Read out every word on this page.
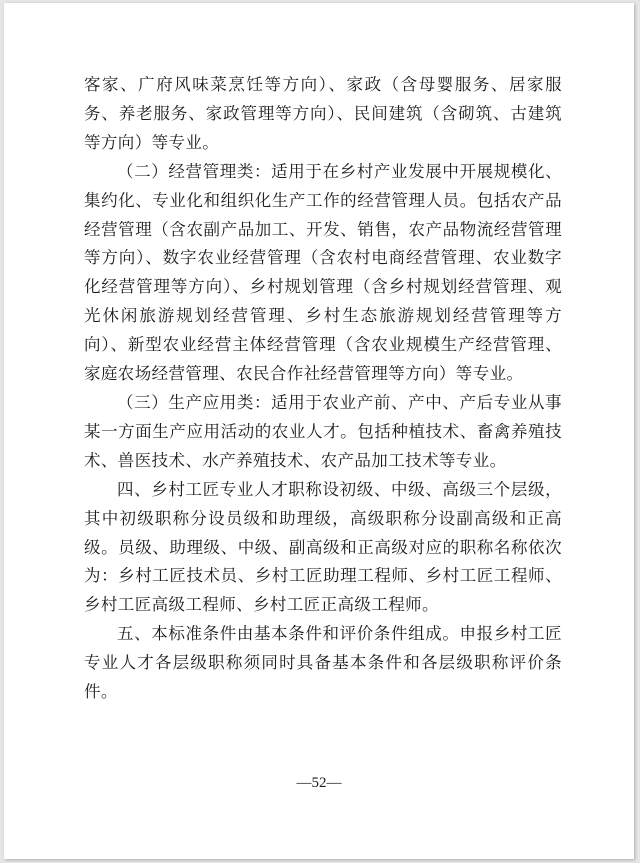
客家、广府风味菜烹饪等方向）、家政（含母婴服务、居家服务、养老服务、家政管理等方向）、民间建筑（含砌筑、古建筑等方向）等专业。

（二）经营管理类：适用于在乡村产业发展中开展规模化、集约化、专业化和组织化生产工作的经营管理人员。包括农产品经营管理（含农副产品加工、开发、销售，农产品物流经营管理等方向）、数字农业经营管理（含农村电商经营管理、农业数字化经营管理等方向）、乡村规划管理（含乡村规划经营管理、观光休闲旅游规划经营管理、乡村生态旅游规划经营管理等方向）、新型农业经营主体经营管理（含农业规模生产经营管理、家庭农场经营管理、农民合作社经营管理等方向）等专业。

（三）生产应用类：适用于农业产前、产中、产后专业从事某一方面生产应用活动的农业人才。包括种植技术、畜禽养殖技术、兽医技术、水产养殖技术、农产品加工技术等专业。

四、乡村工匠专业人才职称设初级、中级、高级三个层级，其中初级职称分设员级和助理级，高级职称分设副高级和正高级。员级、助理级、中级、副高级和正高级对应的职称名称依次为：乡村工匠技术员、乡村工匠助理工程师、乡村工匠工程师、乡村工匠高级工程师、乡村工匠正高级工程师。

五、本标准条件由基本条件和评价条件组成。申报乡村工匠专业人才各层级职称须同时具备基本条件和各层级职称评价条件。

—52—
